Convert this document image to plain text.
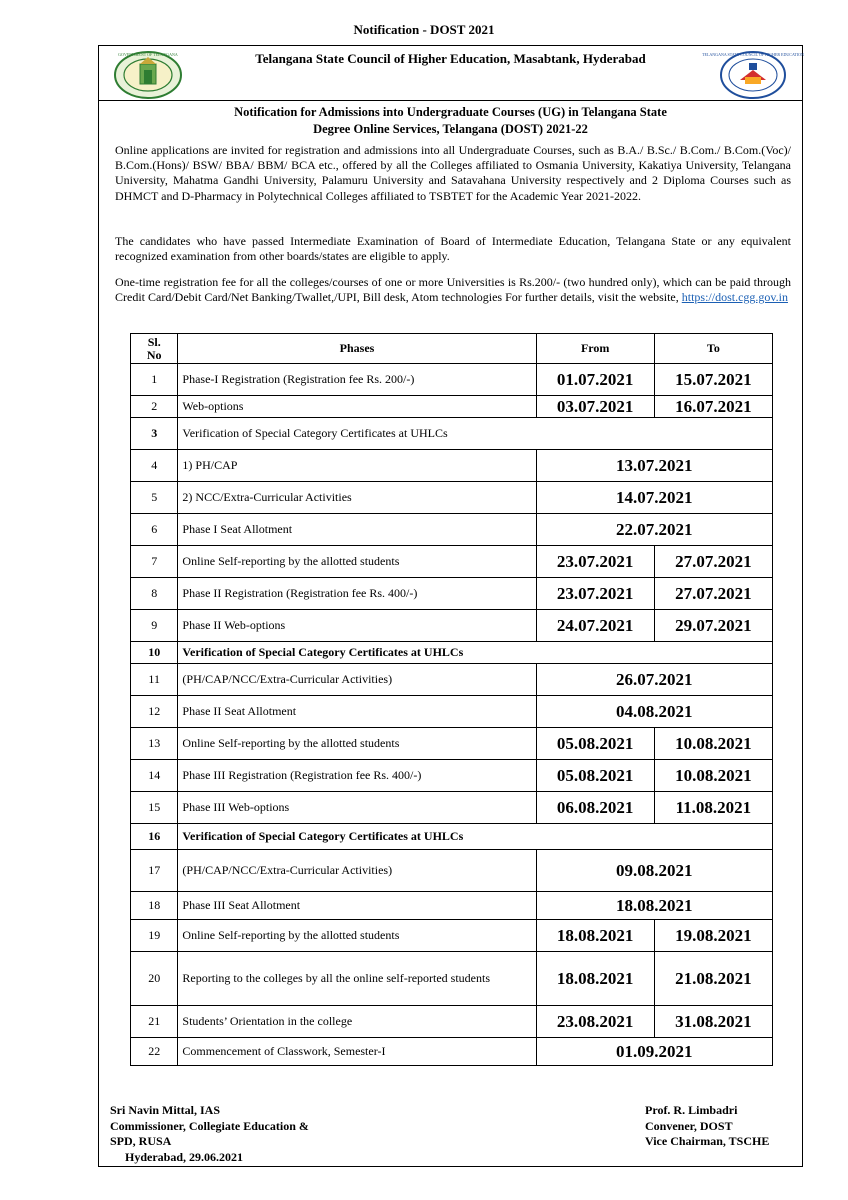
Notification - DOST 2021
GOVERNMENT OF TELANGANA	Telangana State Council of Higher Education, Masabtank, Hyderabad	TELANGANA STATE COUNCIL OF HIGHER EDUCATION
Notification for Admissions into Undergraduate Courses (UG) in Telangana State
Degree Online Services, Telangana (DOST) 2021-22
Online applications are invited for registration and admissions into all Undergraduate Courses, such as B.A./ B.Sc./ B.Com./ B.Com.(Voc)/ B.Com.(Hons)/ BSW/ BBA/ BBM/ BCA etc., offered by all the Colleges affiliated to Osmania University, Kakatiya University, Telangana University, Mahatma Gandhi University, Palamuru University and Satavahana University respectively and 2 Diploma Courses such as DHMCT and D-Pharmacy in Polytechnical Colleges affiliated to TSBTET for the Academic Year 2021-2022.
The candidates who have passed Intermediate Examination of Board of Intermediate Education, Telangana State or any equivalent recognized examination from other boards/states are eligible to apply.
One-time registration fee for all the colleges/courses of one or more Universities is Rs.200/- (two hundred only), which can be paid through Credit Card/Debit Card/Net Banking/Twallet,/UPI, Bill desk, Atom technologies For further details, visit the website, https://dost.cgg.gov.in
Sl.
No	Phases	From	To
1	Phase-I Registration (Registration fee Rs. 200/-)	01.07.2021	15.07.2021
2	Web-options	03.07.2021	16.07.2021
3	Verification of Special Category Certificates at UHLCs		
4	1) PH/CAP	13.07.2021	
5	2) NCC/Extra-Curricular Activities	14.07.2021	
6	Phase I Seat Allotment	22.07.2021	
7	Online Self-reporting by the allotted students	23.07.2021	27.07.2021
8	Phase II Registration (Registration fee Rs. 400/-)	23.07.2021	27.07.2021
9	Phase II Web-options	24.07.2021	29.07.2021
10	Verification of Special Category Certificates at UHLCs		
11	(PH/CAP/NCC/Extra-Curricular Activities)	26.07.2021	
12	Phase II Seat Allotment	04.08.2021	
13	Online Self-reporting by the allotted students	05.08.2021	10.08.2021
14	Phase III Registration (Registration fee Rs. 400/-)	05.08.2021	10.08.2021
15	Phase III Web-options	06.08.2021	11.08.2021
16	Verification of Special Category Certificates at UHLCs		
17	(PH/CAP/NCC/Extra-Curricular Activities)	09.08.2021	
18	Phase III Seat Allotment	18.08.2021	
19	Online Self-reporting by the allotted students	18.08.2021	19.08.2021
20	Reporting to the colleges by all the online self-reported students	18.08.2021	21.08.2021
21	Students’ Orientation in the college	23.08.2021	31.08.2021
22	Commencement of Classwork, Semester-I	01.09.2021	
Sri Navin Mittal, IAS
Commissioner, Collegiate Education &
SPD, RUSA
Hyderabad, 29.06.2021
Prof. R. Limbadri
Convener, DOST
Vice Chairman, TSCHE
